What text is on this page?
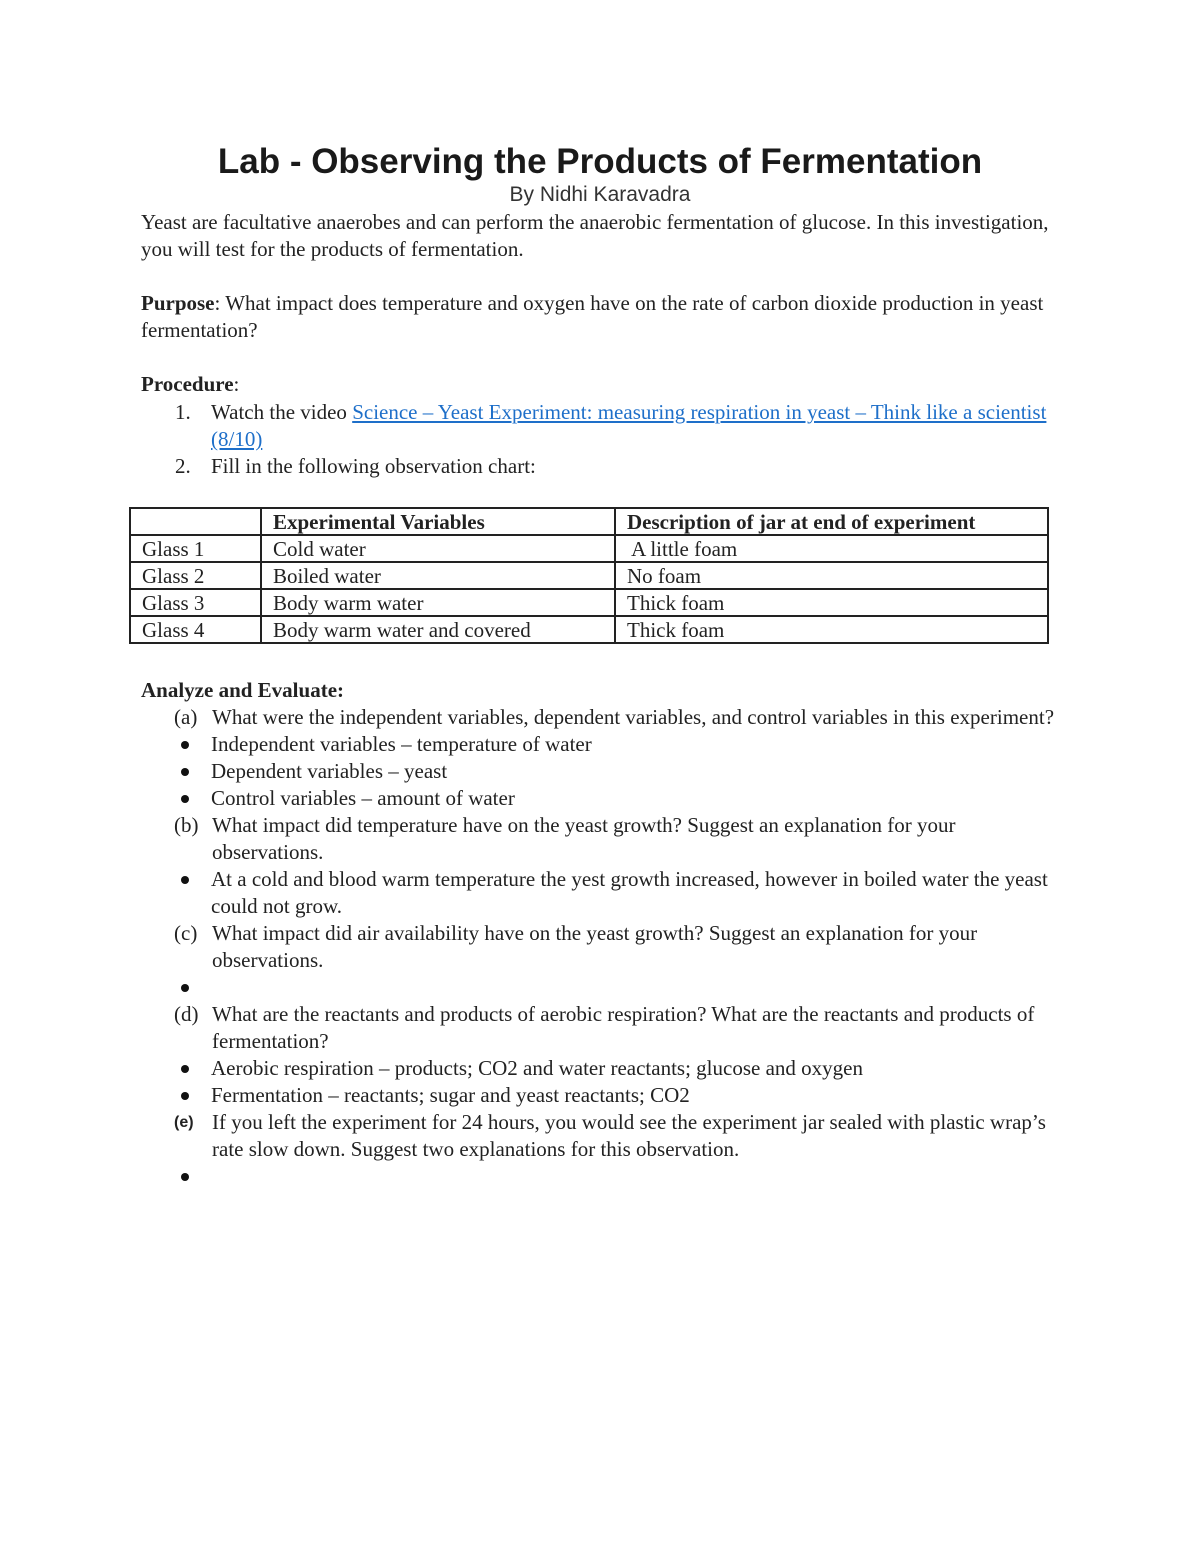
Lab - Observing the Products of Fermentation
By Nidhi Karavadra

Yeast are facultative anaerobes and can perform the anaerobic fermentation of glucose. In this investigation, you will test for the products of fermentation.

Purpose: What impact does temperature and oxygen have on the rate of carbon dioxide production in yeast fermentation?

Procedure:

1. Watch the video Science – Yeast Experiment: measuring respiration in yeast – Think like a scientist (8/10)
2. Fill in the following observation chart:
	Experimental Variables	Description of jar at end of experiment
Glass 1	Cold water	A little foam
Glass 2	Boiled water	No foam
Glass 3	Body warm water	Thick foam
Glass 4	Body warm water and covered	Thick foam

Analyze and Evaluate:

(a) What were the independent variables, dependent variables, and control variables in this experiment?
Independent variables – temperature of water
Dependent variables – yeast
Control variables – amount of water
(b) What impact did temperature have on the yeast growth? Suggest an explanation for your observations.
At a cold and blood warm temperature the yest growth increased, however in boiled water the yeast could not grow.
(c) What impact did air availability have on the yeast growth? Suggest an explanation for your observations.
(d) What are the reactants and products of aerobic respiration? What are the reactants and products of fermentation?
Aerobic respiration – products; CO2 and water reactants; glucose and oxygen
Fermentation – reactants; sugar and yeast reactants; CO2
(e) If you left the experiment for 24 hours, you would see the experiment jar sealed with plastic wrap’s rate slow down. Suggest two explanations for this observation.
